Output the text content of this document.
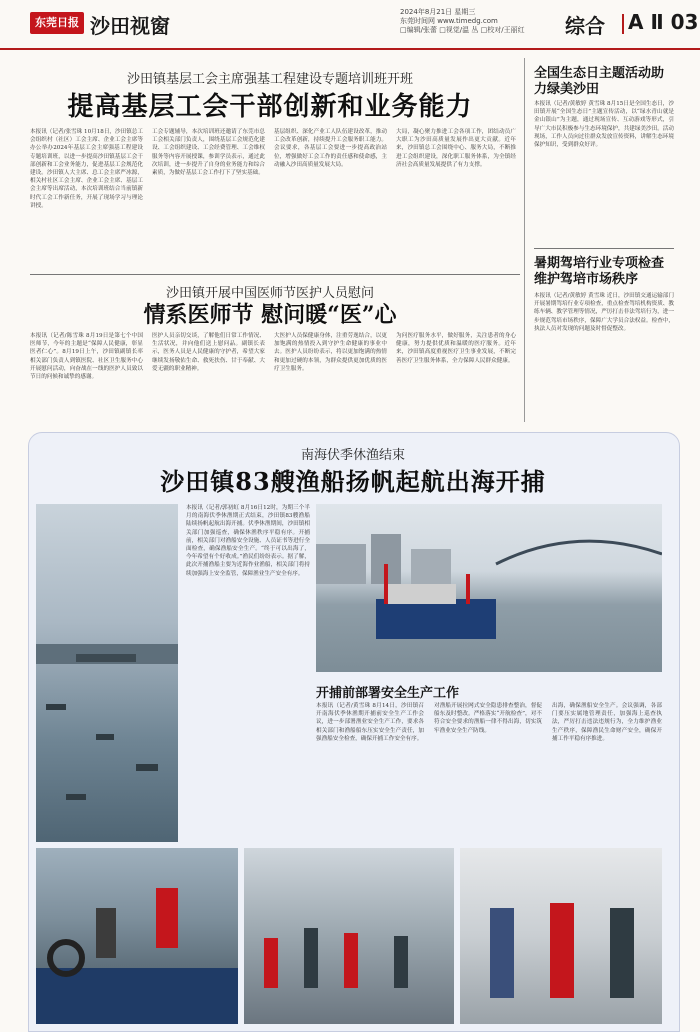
东莞日报 沙田视窗
2024年8月21日 星期三
东莞时间网 www.timedg.com
□编辑/张蕾 □视觉/温 丛 □校对/王丽红 综合 A Ⅱ 03
沙田镇基层工会主席强基工程建设专题培训班开班
提高基层工会干部创新和业务能力
本报讯（记者/张雪珠 10月18日，沙田镇总工会组织村（社区）工会主席、企业工会主席等办公举办2024年基层工会主席强基工程建设专题培训班，以进一步提高沙田镇基层工会干部创新和工会业务能力，促进基层工会规范化建设。沙田镇人大主席、总工会主席严冰源，相关村社区工会主席、企业工会主席、基层工会主席等出席活动，本次培训班结合当前镇新时代工会工作新任务，开展了现场学习与理论讲授。
工会专题辅导，本次培训班还邀请了东莞市总工会相关部门负责人，围绕基层工会规范化建设、工会组织建设、工会经费管理、工会维权服务等内容开展授课，参训学员表示，通过此次培训，进一步提升了自身的业务能力和综合素质，为做好基层工会工作打下了坚实基础。
基层组织、深化产业工人队伍建设改革，推动工会改革创新，持续提升工会服务职工能力。会议要求，各基层工会要进一步提高政治站位，增强做好工会工作的责任感和使命感，主动融入沙田高质量发展大局。
大局，凝心聚力推进工会各项工作，团结动员广大职工为沙田高质量发展作出更大贡献。近年来，沙田镇总工会围绕中心、服务大局，不断推进工会组织建设，深化职工服务体系，为全镇经济社会高质量发展提供了有力支撑。
沙田镇开展中国医师节医护人员慰问
情系医师节 慰问暖“医”心
本报讯（记者/陈雪珠 8月19日是第七个中国医师节，今年的主题是“保障人民健康，彰显医者仁心”。8月19日上午，沙田镇副镇长率相关部门负责人到镇医院、社区卫生服务中心开展慰问活动，向奋战在一线的医护人员致以节日的问候和诚挚的感谢。
医护人员亲切交谈，了解他们日常工作情况、生活状况，并向他们送上慰问品。副镇长表示，医务人员是人民健康的守护者，希望大家继续发扬敬佑生命、救死扶伤、甘于奉献、大爱无疆的职业精神。
大医护人员保健康身体，注重劳逸结合，以更加饱满的热情投入到守护生命健康的事业中去。医护人员纷纷表示，将以更加饱满的热情和更加过硬的本领，为群众提供更加优质的医疗卫生服务。
为问医疗服务水平，做好服务，关注患者的身心健康，努力提供优质和温暖的医疗服务。近年来，沙田镇高度重视医疗卫生事业发展，不断完善医疗卫生服务体系，全力保障人民群众健康。
全国生态日主题活动助力绿美沙田
本报讯（记者/黄敏婷 黄雪珠 8月15日是全国生态日，沙田镇开展“全国生态日”主题宣传活动，以“绿水青山就是金山银山”为主题，通过现场宣传、互动游戏等形式，引导广大市民积极参与生态环境保护，共建绿美沙田。活动现场，工作人员向过往群众发放宣传资料，讲解生态环境保护知识，受到群众好评。
暑期驾培行业专项检查维护驾培市场秩序
本报讯（记者/黄敏婷 黄雪珠 近日，沙田镇交通运输部门开展暑期驾培行业专项检查，重点检查驾培机构资质、教练车辆、教学管理等情况，严厉打击非法驾培行为，进一步规范驾培市场秩序，保障广大学员合法权益。检查中，执法人员对发现的问题及时督促整改。
南海伏季休渔结束
沙田镇83艘渔船扬帆起航出海开捕
本报讯（记者/郭初虹 8月16日12时，为期三个半月的南海伏季休渔期正式结束，沙田镇83艘渔船陆续扬帆起航出海开捕。伏季休渔期间，沙田镇相关部门加强巡查，确保休渔秩序平稳有序。开捕前，相关部门对渔船安全设施、人员证书等进行全面检查，确保渔船安全生产。“终于可以出海了，今年希望有个好收成。”渔民们纷纷表示。据了解，此次开捕渔船主要为近海作业渔船，相关部门将持续加强海上安全监管，保障渔业生产安全有序。
开捕前部署安全生产工作
本报讯（记者/黄雪珠 8月14日，沙田镇召开南海伏季休渔期开捕前安全生产工作会议，进一步部署渔业安全生产工作，要求各相关部门和渔船船东压实安全生产责任，加强渔船安全检查，确保开捕工作安全有序。
对渔船开展拉网式安全隐患排查整治，督促船东及时整改。严格落实“开航检查”，对不符合安全要求的渔船一律不得出海，切实筑牢渔业安全生产防线。
出海，确保渔船安全生产。会议强调，各部门要压实属地管理责任，加强海上巡查执法，严厉打击违法违规行为，全力维护渔业生产秩序，保障渔民生命财产安全，确保开捕工作平稳有序推进。
